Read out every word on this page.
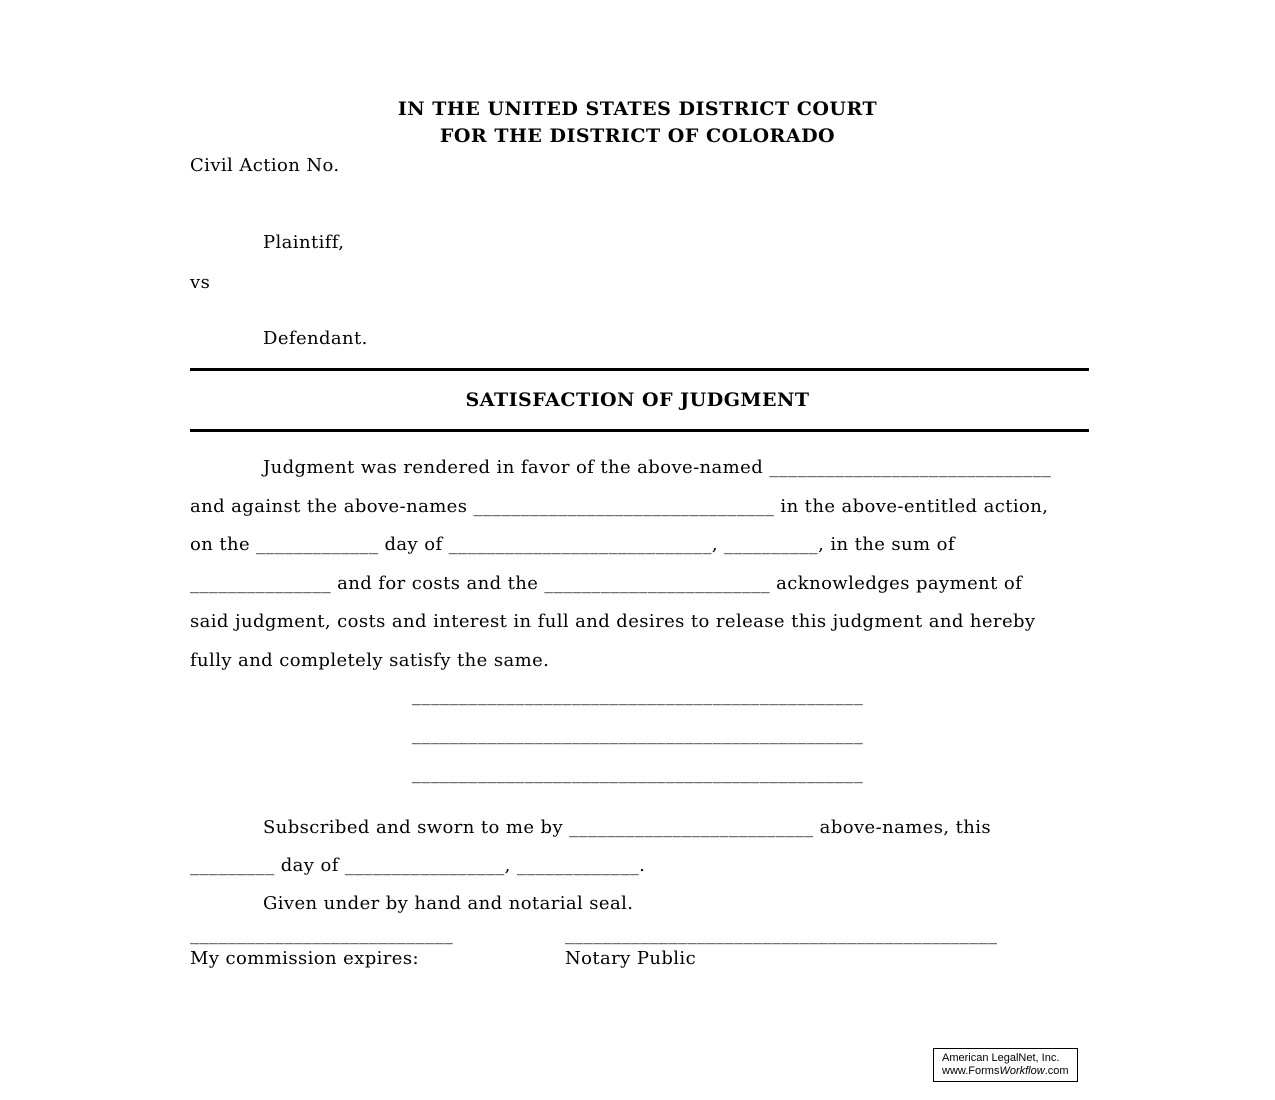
IN THE UNITED STATES DISTRICT COURT
FOR THE DISTRICT OF COLORADO
Civil Action No.
Plaintiff,
vs
Defendant.
SATISFACTION OF JUDGMENT
Judgment was rendered in favor of the above-named ______________________________
and against the above-names ________________________________ in the above-entitled action,
on the _____________ day of ____________________________, __________, in the sum of
_______________ and for costs and the ________________________ acknowledges payment of
said judgment, costs and interest in full and desires to release this judgment and hereby
fully and completely satisfy the same.
________________________________________________
________________________________________________
________________________________________________
Subscribed and sworn to me by __________________________ above-names, this
_________ day of _________________, _____________.
Given under by hand and notarial seal.
____________________________
My commission expires:
______________________________________________
Notary Public
American LegalNet, Inc.
www.FormsWorkflow.com
